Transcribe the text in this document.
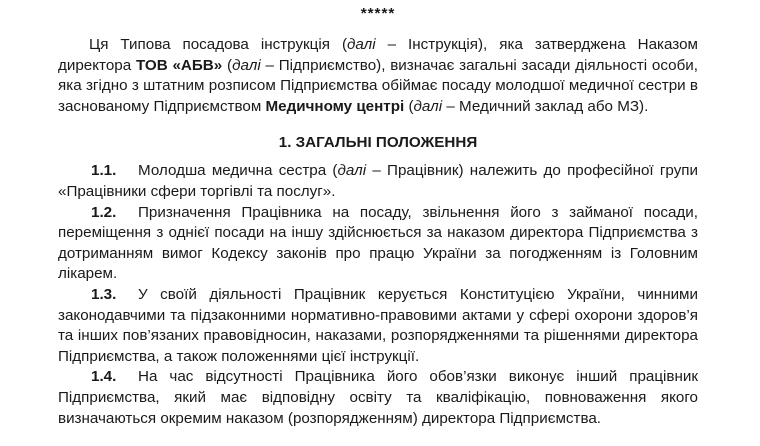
*****

Ця Типова посадова інструкція (далі – Інструкція), яка затверджена Наказом директора ТОВ «АБВ» (далі – Підприємство), визначає загальні засади діяльності особи, яка згідно з штатним розписом Підприємства обіймає посаду молодшої медичної сестри в заснованому Підприємством Медичному центрі (далі – Медичний заклад або МЗ).

1. ЗАГАЛЬНІ ПОЛОЖЕННЯ

1.1. Молодша медична сестра (далі – Працівник) належить до професійної групи «Працівники сфери торгівлі та послуг».

1.2. Призначення Працівника на посаду, звільнення його з займаної посади, переміщення з однієї посади на іншу здійснюється за наказом директора Підприємства з дотриманням вимог Кодексу законів про працю України за погодженням із Головним лікарем.

1.3. У своїй діяльності Працівник керується Конституцією України, чинними законодавчими та підзаконними нормативно-правовими актами у сфері охорони здоров’я та інших пов’язаних правовідносин, наказами, розпорядженнями та рішеннями директора Підприємства, а також положеннями цієї інструкції.

1.4. На час відсутності Працівника його обов’язки виконує інший працівник Підприємства, який має відповідну освіту та кваліфікацію, повноваження якого визначаються окремим наказом (розпорядженням) директора Підприємства.
